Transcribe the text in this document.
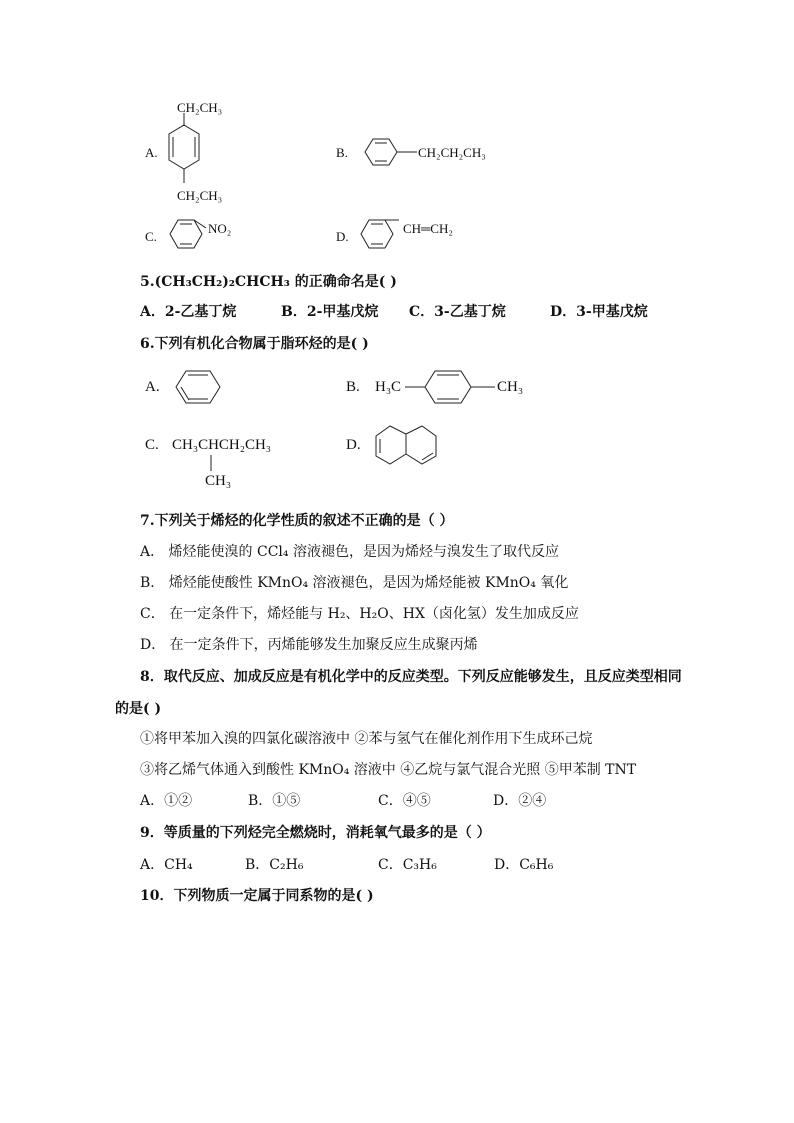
CH₂CH₃
A.
CH₂CH₃
B.	CH₂CH₂CH₃
C.
NO₂
D.
CH═CH₂
5.(CH₃CH₂)₂CHCH₃ 的正确命名是( )
A．2-乙基丁烷	B．2-甲基戊烷 C．3-乙基丁烷	D．3-甲基戊烷
6.下列有机化合物属于脂环烃的是( )
A.	B. H₃C	CH₃
C. CH₃CHCH₂CH₃
CH₃
D.
7.下列关于烯烃的化学性质的叙述不正确的是（ ）
A． 烯烃能使溴的 CCl₄ 溶液褪色，是因为烯烃与溴发生了取代反应
B． 烯烃能使酸性 KMnO₄ 溶液褪色，是因为烯烃能被 KMnO₄ 氧化
C． 在一定条件下，烯烃能与 H₂、H₂O、HX（卤化氢）发生加成反应
D． 在一定条件下，丙烯能够发生加聚反应生成聚丙烯
8．取代反应、加成反应是有机化学中的反应类型。下列反应能够发生，且反应类型相同
的是( )
①将甲苯加入溴的四氯化碳溶液中 ②苯与氢气在催化剂作用下生成环己烷
③将乙烯气体通入到酸性 KMnO₄ 溶液中 ④乙烷与氯气混合光照 ⑤甲苯制 TNT
A．①②	B．①⑤	C．④⑤	D．②④
9．等质量的下列烃完全燃烧时，消耗氧气最多的是（ ）
A．CH₄	B．C₂H₆	C．C₃H₆	D．C₆H₆
10．下列物质一定属于同系物的是( )
